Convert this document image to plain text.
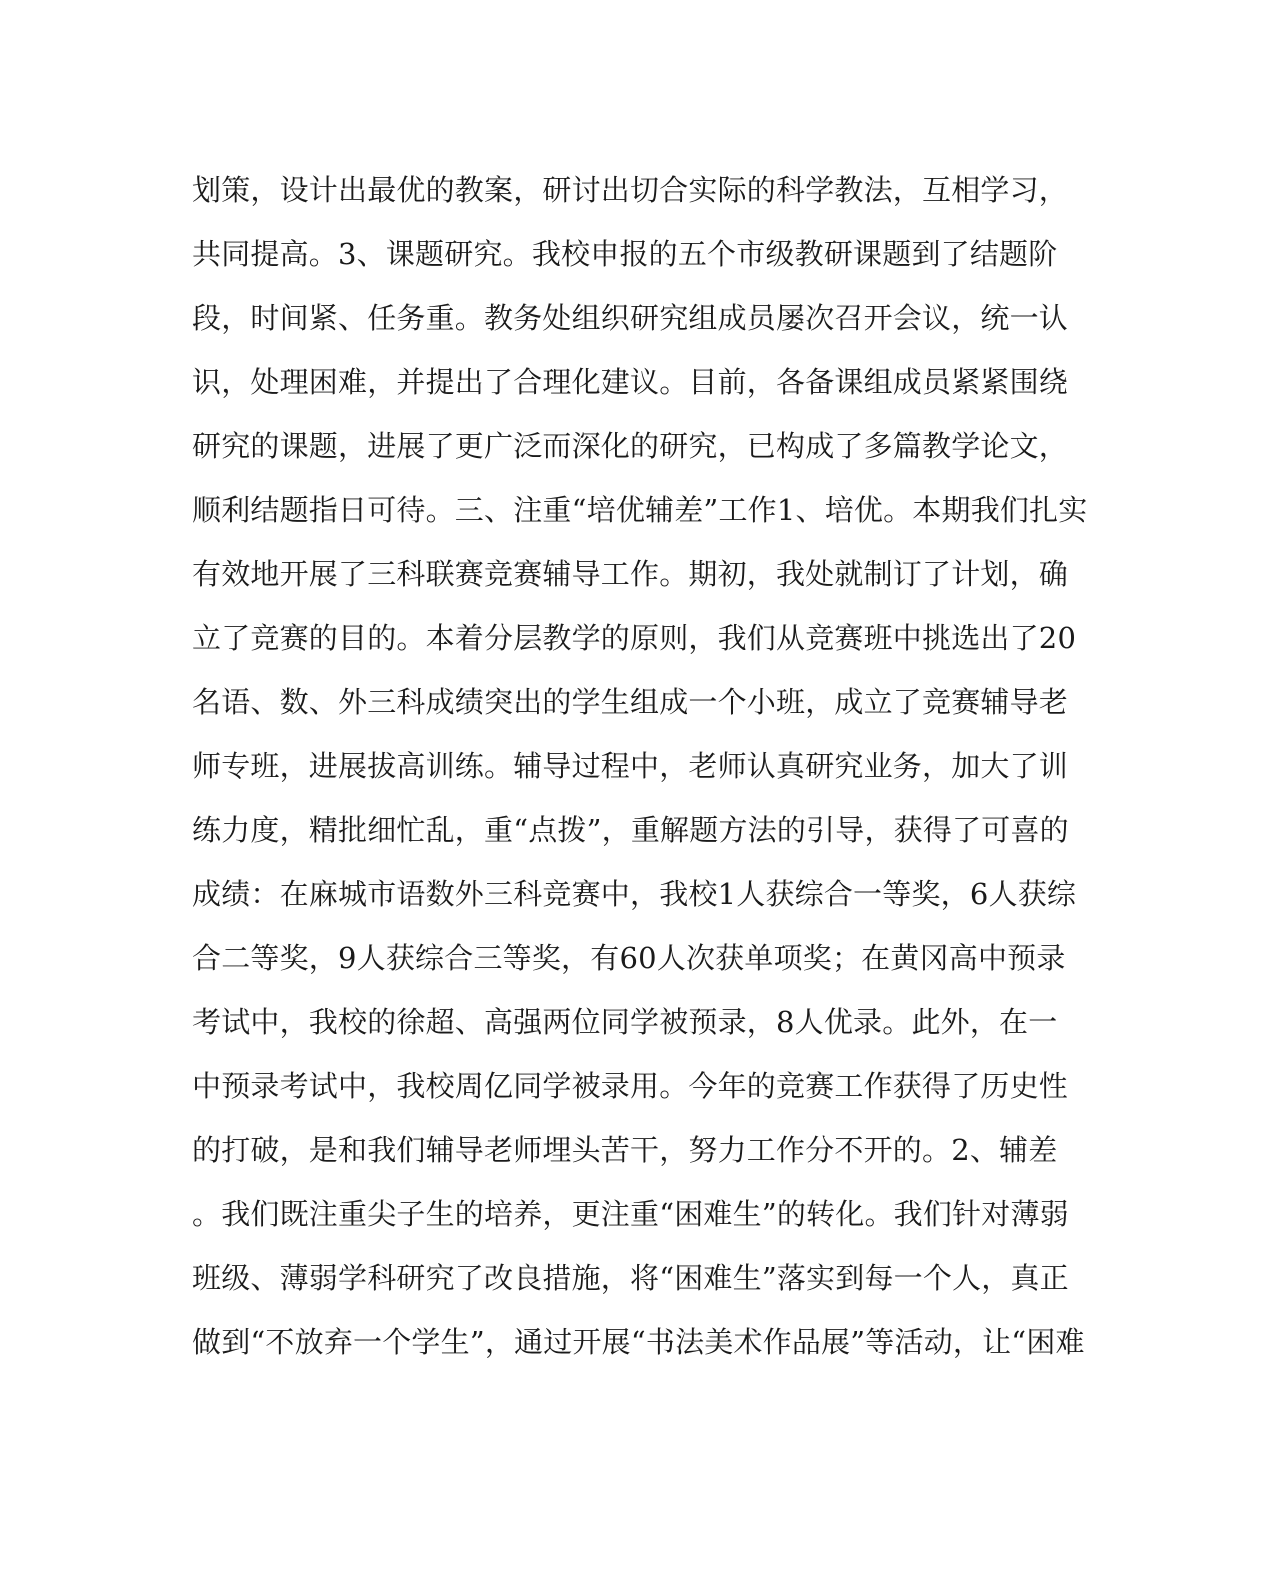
划策，设计出最优的教案，研讨出切合实际的科学教法，互相学习，
共同提高。3、课题研究。我校申报的五个市级教研课题到了结题阶
段，时间紧、任务重。教务处组织研究组成员屡次召开会议，统一认
识，处理困难，并提出了合理化建议。目前，各备课组成员紧紧围绕
研究的课题，进展了更广泛而深化的研究，已构成了多篇教学论文，
顺利结题指日可待。三、注重“培优辅差”工作1、培优。本期我们扎实
有效地开展了三科联赛竞赛辅导工作。期初，我处就制订了计划，确
立了竞赛的目的。本着分层教学的原则，我们从竞赛班中挑选出了20
名语、数、外三科成绩突出的学生组成一个小班，成立了竞赛辅导老
师专班，进展拔高训练。辅导过程中，老师认真研究业务，加大了训
练力度，精批细忙乱，重“点拨”，重解题方法的引导，获得了可喜的
成绩：在麻城市语数外三科竞赛中，我校1人获综合一等奖，6人获综
合二等奖，9人获综合三等奖，有60人次获单项奖；在黄冈高中预录
考试中，我校的徐超、高强两位同学被预录，8人优录。此外，在一
中预录考试中，我校周亿同学被录用。今年的竞赛工作获得了历史性
的打破，是和我们辅导老师埋头苦干，努力工作分不开的。2、辅差
。我们既注重尖子生的培养，更注重“困难生”的转化。我们针对薄弱
班级、薄弱学科研究了改良措施，将“困难生”落实到每一个人，真正
做到“不放弃一个学生”，通过开展“书法美术作品展”等活动，让“困难
